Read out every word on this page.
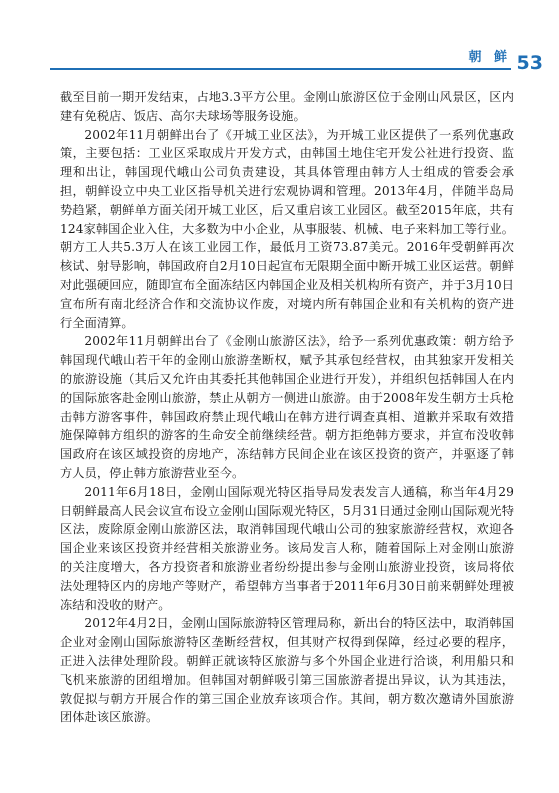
朝 鲜 53

截至目前一期开发结束，占地3.3平方公里。金刚山旅游区位于金刚山风景区，区内建有免税店、饭店、高尔夫球场等服务设施。

2002年11月朝鲜出台了《开城工业区法》，为开城工业区提供了一系列优惠政策，主要包括：工业区采取成片开发方式，由韩国土地住宅开发公社进行投资、监理和出让，韩国现代峨山公司负责建设，其具体管理由韩方人士组成的管委会承担，朝鲜设立中央工业区指导机关进行宏观协调和管理。2013年4月，伴随半岛局势趋紧，朝鲜单方面关闭开城工业区，后又重启该工业园区。截至2015年底，共有124家韩国企业入住，大多数为中小企业，从事服装、机械、电子来料加工等行业。朝方工人共5.3万人在该工业园工作，最低月工资73.87美元。2016年受朝鲜再次核试、射导影响，韩国政府自2月10日起宣布无限期全面中断开城工业区运营。朝鲜对此强硬回应，随即宣布全面冻结区内韩国企业及相关机构所有资产，并于3月10日宣布所有南北经济合作和交流协议作废，对境内所有韩国企业和有关机构的资产进行全面清算。

2002年11月朝鲜出台了《金刚山旅游区法》，给予一系列优惠政策：朝方给予韩国现代峨山若干年的金刚山旅游垄断权，赋予其承包经营权，由其独家开发相关的旅游设施（其后又允许由其委托其他韩国企业进行开发），并组织包括韩国人在内的国际旅客赴金刚山旅游，禁止从朝方一侧进山旅游。由于2008年发生朝方士兵枪击韩方游客事件，韩国政府禁止现代峨山在韩方进行调查真相、道歉并采取有效措施保障韩方组织的游客的生命安全前继续经营。朝方拒绝韩方要求，并宣布没收韩国政府在该区域投资的房地产，冻结韩方民间企业在该区投资的资产，并驱逐了韩方人员，停止韩方旅游营业至今。

2011年6月18日，金刚山国际观光特区指导局发表发言人通稿，称当年4月29日朝鲜最高人民会议宣布设立金刚山国际观光特区，5月31日通过金刚山国际观光特区法，废除原金刚山旅游区法，取消韩国现代峨山公司的独家旅游经营权，欢迎各国企业来该区投资并经营相关旅游业务。该局发言人称，随着国际上对金刚山旅游的关注度增大，各方投资者和旅游业者纷纷提出参与金刚山旅游业投资，该局将依法处理特区内的房地产等财产，希望韩方当事者于2011年6月30日前来朝鲜处理被冻结和没收的财产。

2012年4月2日，金刚山国际旅游特区管理局称，新出台的特区法中，取消韩国企业对金刚山国际旅游特区垄断经营权，但其财产权得到保障，经过必要的程序，正进入法律处理阶段。朝鲜正就该特区旅游与多个外国企业进行洽谈，利用船只和飞机来旅游的团组增加。但韩国对朝鲜吸引第三国旅游者提出异议，认为其违法，敦促拟与朝方开展合作的第三国企业放弃该项合作。其间，朝方数次邀请外国旅游团体赴该区旅游。
